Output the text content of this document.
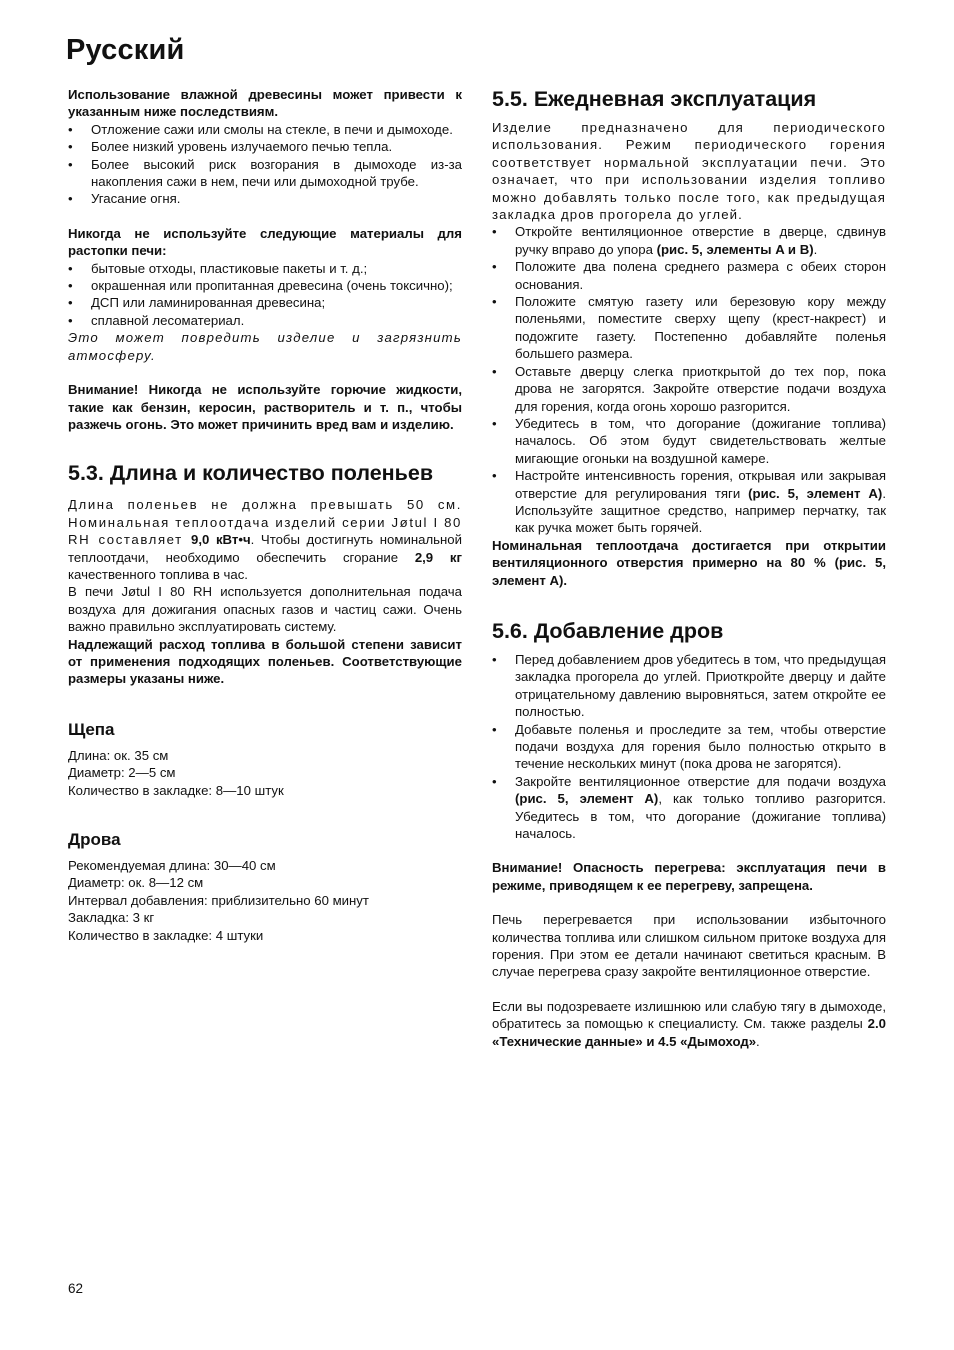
Русский

Использование влажной древесины может привести к указанным ниже последствиям.

• Отложение сажи или смолы на стекле, в печи и дымоходе.
• Более низкий уровень излучаемого печью тепла.
• Более высокий риск возгорания в дымоходе из-за накопления сажи в нем, печи или дымоходной трубе.
• Угасание огня.

Никогда не используйте следующие материалы для растопки печи:

• бытовые отходы, пластиковые пакеты и т. д.;
• окрашенная или пропитанная древесина (очень токсично);
• ДСП или ламинированная древесина;
• сплавной лесоматериал.

Это может повредить изделие и загрязнить атмосферу.

Внимание! Никогда не используйте горючие жидкости, такие как бензин, керосин, растворитель и т. п., чтобы разжечь огонь. Это может причинить вред вам и изделию.

5.3. Длина и количество поленьев

Длина поленьев не должна превышать 50 см. Номинальная теплоотдача изделий серии Jøtul I 80 RH составляет 9,0 кВт•ч. Чтобы достигнуть номинальной теплоотдачи, необходимо обеспечить сгорание 2,9 кг качественного топлива в час.

В печи Jøtul I 80 RH используется дополнительная подача воздуха для дожигания опасных газов и частиц сажи. Очень важно правильно эксплуатировать систему.

Надлежащий расход топлива в большой степени зависит от применения подходящих поленьев. Соответствующие размеры указаны ниже.

Щепа

Длина: ок. 35 см

Диаметр: 2—5 см

Количество в закладке: 8—10 штук

Дрова

Рекомендуемая длина: 30—40 см

Диаметр: ок. 8—12 см

Интервал добавления: приблизительно 60 минут

Закладка: 3 кг

Количество в закладке: 4 штуки

5.5. Ежедневная эксплуатация

Изделие предназначено для периодического использования. Режим периодического горения соответствует нормальной эксплуатации печи. Это означает, что при использовании изделия топливо можно добавлять только после того, как предыдущая закладка дров прогорела до углей.

• Откройте вентиляционное отверстие в дверце, сдвинув ручку вправо до упора (рис. 5, элементы A и B).
• Положите два полена среднего размера с обеих сторон основания.
• Положите смятую газету или березовую кору между поленьями, поместите сверху щепу (крест-накрест) и подожгите газету. Постепенно добавляйте поленья большего размера.
• Оставьте дверцу слегка приоткрытой до тех пор, пока дрова не загорятся. Закройте отверстие подачи воздуха для горения, когда огонь хорошо разгорится.
• Убедитесь в том, что догорание (дожигание топлива) началось. Об этом будут свидетельствовать желтые мигающие огоньки на воздушной камере.
• Настройте интенсивность горения, открывая или закрывая отверстие для регулирования тяги (рис. 5, элемент A). Используйте защитное средство, например перчатку, так как ручка может быть горячей.

Номинальная теплоотдача достигается при открытии вентиляционного отверстия примерно на 80 % (рис. 5, элемент A).

5.6. Добавление дров
• Перед добавлением дров убедитесь в том, что предыдущая закладка прогорела до углей. Приоткройте дверцу и дайте отрицательному давлению выровняться, затем откройте ее полностью.
• Добавьте поленья и проследите за тем, чтобы отверстие подачи воздуха для горения было полностью открыто в течение нескольких минут (пока дрова не загорятся).
• Закройте вентиляционное отверстие для подачи воздуха (рис. 5, элемент A), как только топливо разгорится. Убедитесь в том, что догорание (дожигание топлива) началось.

Внимание! Опасность перегрева: эксплуатация печи в режиме, приводящем к ее перегреву, запрещена.

Печь перегревается при использовании избыточного количества топлива или слишком сильном притоке воздуха для горения. При этом ее детали начинают светиться красным. В случае перегрева сразу закройте вентиляционное отверстие.

Если вы подозреваете излишнюю или слабую тягу в дымоходе, обратитесь за помощью к специалисту. См. также разделы 2.0 «Технические данные» и 4.5 «Дымоход».

62
